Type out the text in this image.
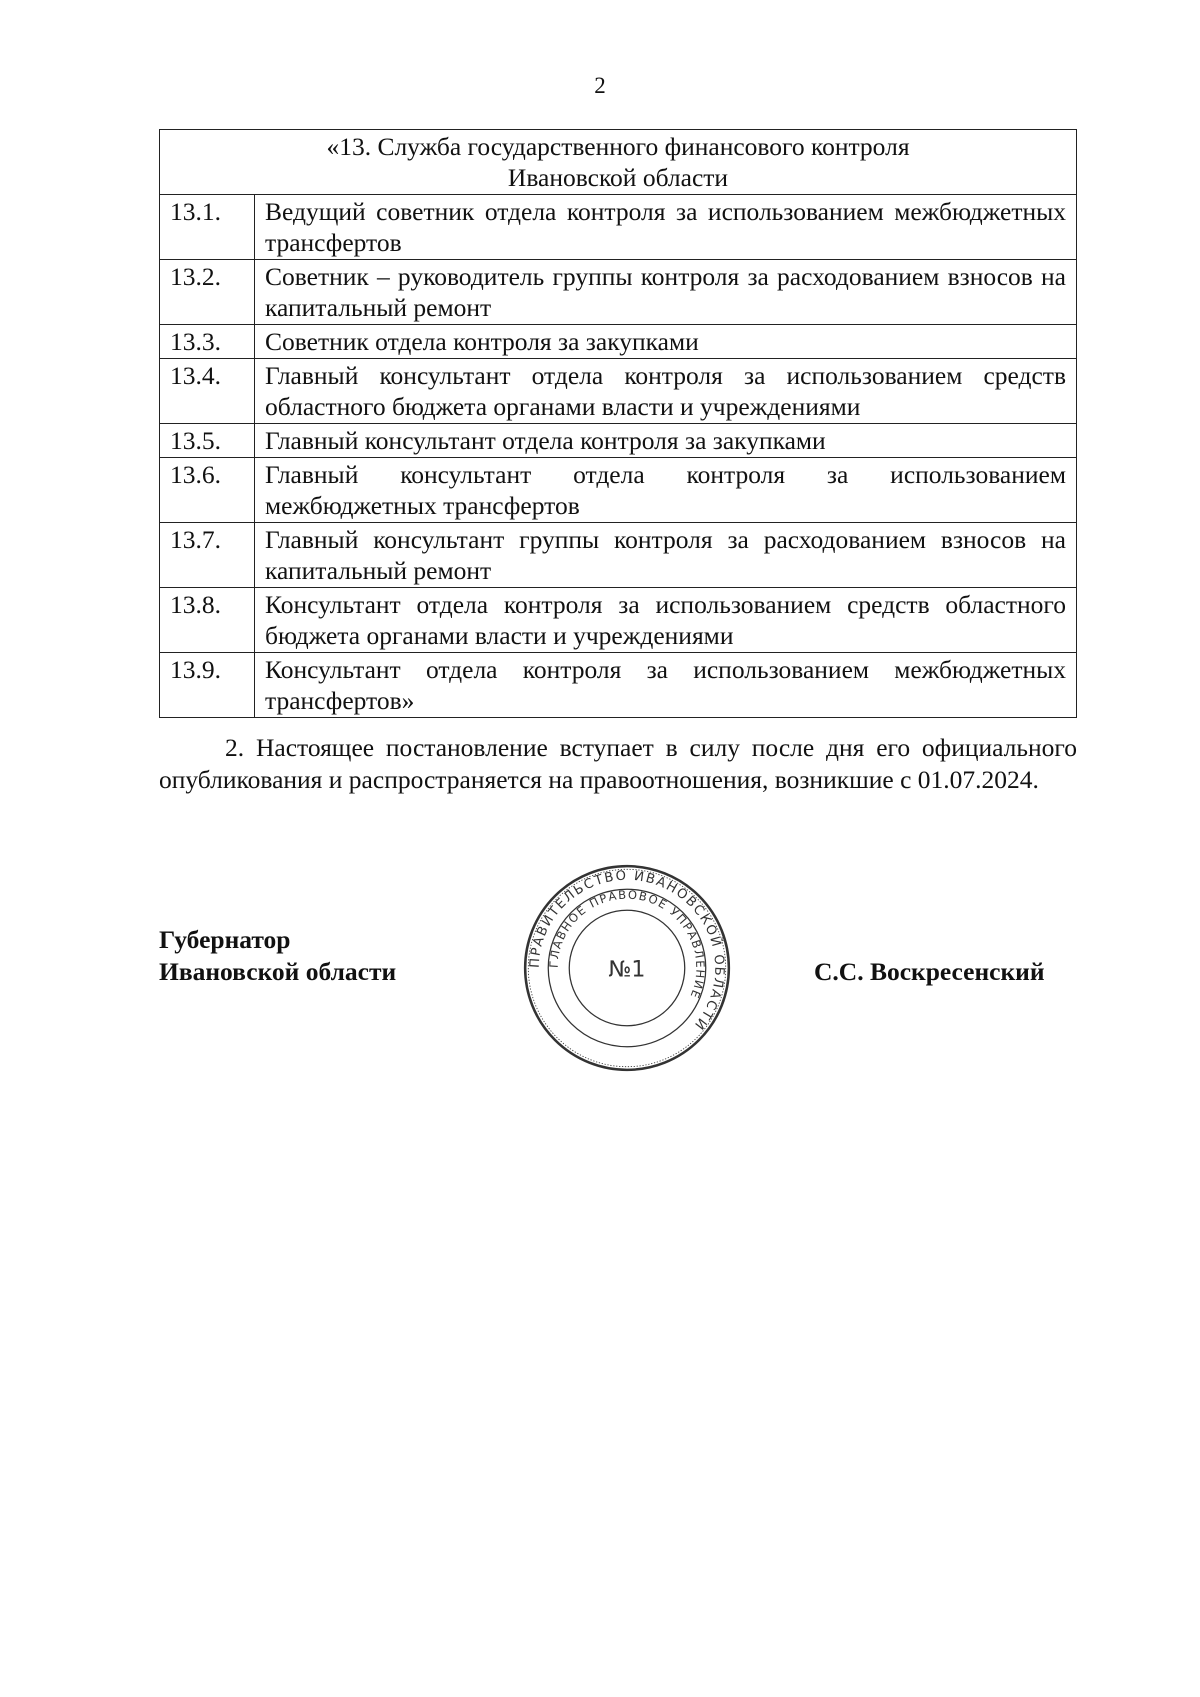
2
«13. Служба государственного финансового контроля
Ивановской области	

13.1.	Ведущий советник отдела контроля за использованием межбюджетных трансфертов
13.2.	Советник – руководитель группы контроля за расходованием взносов на капитальный ремонт
13.3.	Советник отдела контроля за закупками
13.4.	Главный консультант отдела контроля за использованием средств областного бюджета органами власти и учреждениями
13.5.	Главный консультант отдела контроля за закупками
13.6.	Главный консультант отдела контроля за использованием межбюджетных трансфертов
13.7.	Главный консультант группы контроля за расходованием взносов на капитальный ремонт
13.8.	Консультант отдела контроля за использованием средств областного бюджета органами власти и учреждениями
13.9.	Консультант отдела контроля за использованием межбюджетных трансфертов»
2. Настоящее постановление вступает в силу после дня его официального опубликования и распространяется на правоотношения, возникшие с 01.07.2024.
Губернатор
Ивановской области	ПРАВИТЕЛЬСТВО ИВАНОВСКОЙ ОБЛАСТИ
ГЛАВНОЕ ПРАВОВОЕ УПРАВЛЕНИЕ
№1	С.С. Воскресенский
